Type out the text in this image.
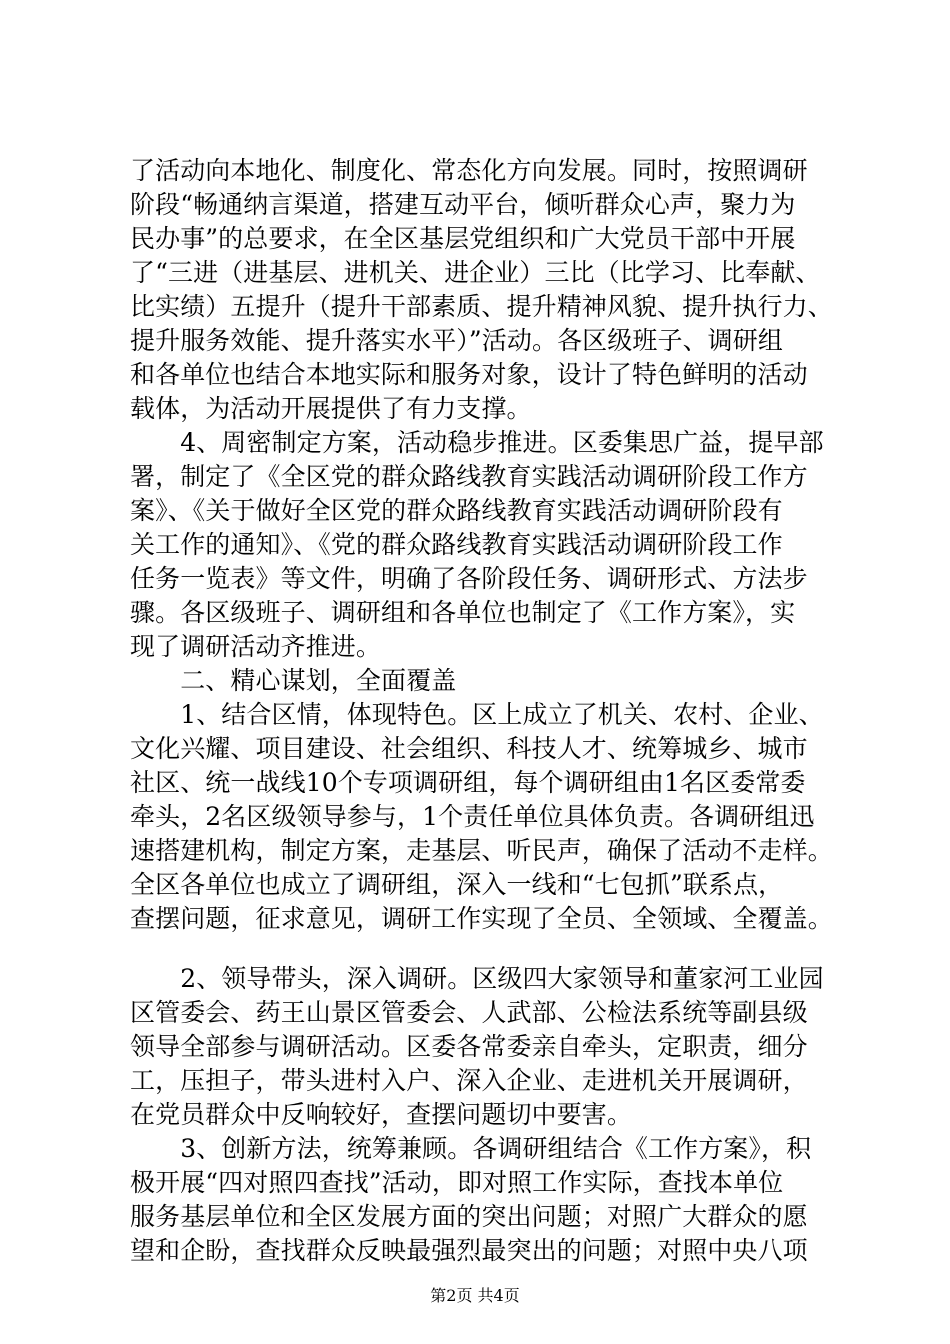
了活动向本地化、制度化、常态化方向发展。同时，按照调研
阶段“畅通纳言渠道，搭建互动平台，倾听群众心声，聚力为
民办事”的总要求，在全区基层党组织和广大党员干部中开展
了“三进（进基层、进机关、进企业）三比（比学习、比奉献、
比实绩）五提升（提升干部素质、提升精神风貌、提升执行力、
提升服务效能、提升落实水平）”活动。各区级班子、调研组
和各单位也结合本地实际和服务对象，设计了特色鲜明的活动
载体，为活动开展提供了有力支撑。
　　4、周密制定方案，活动稳步推进。区委集思广益，提早部
署，制定了《全区党的群众路线教育实践活动调研阶段工作方
案》、《关于做好全区党的群众路线教育实践活动调研阶段有
关工作的通知》、《党的群众路线教育实践活动调研阶段工作
任务一览表》等文件，明确了各阶段任务、调研形式、方法步
骤。各区级班子、调研组和各单位也制定了《工作方案》，实
现了调研活动齐推进。
　　二、精心谋划，全面覆盖
　　1、结合区情，体现特色。区上成立了机关、农村、企业、
文化兴耀、项目建设、社会组织、科技人才、统筹城乡、城市
社区、统一战线10个专项调研组，每个调研组由1名区委常委
牵头，2名区级领导参与，1个责任单位具体负责。各调研组迅
速搭建机构，制定方案，走基层、听民声，确保了活动不走样。
全区各单位也成立了调研组，深入一线和“七包抓”联系点，
查摆问题，征求意见，调研工作实现了全员、全领域、全覆盖。
　　2、领导带头，深入调研。区级四大家领导和董家河工业园
区管委会、药王山景区管委会、人武部、公检法系统等副县级
领导全部参与调研活动。区委各常委亲自牵头，定职责，细分
工，压担子，带头进村入户、深入企业、走进机关开展调研，
在党员群众中反响较好，查摆问题切中要害。
　　3、创新方法，统筹兼顾。各调研组结合《工作方案》，积
极开展“四对照四查找”活动，即对照工作实际，查找本单位
服务基层单位和全区发展方面的突出问题；对照广大群众的愿
望和企盼，查找群众反映最强烈最突出的问题；对照中央八项
第2页 共4页
